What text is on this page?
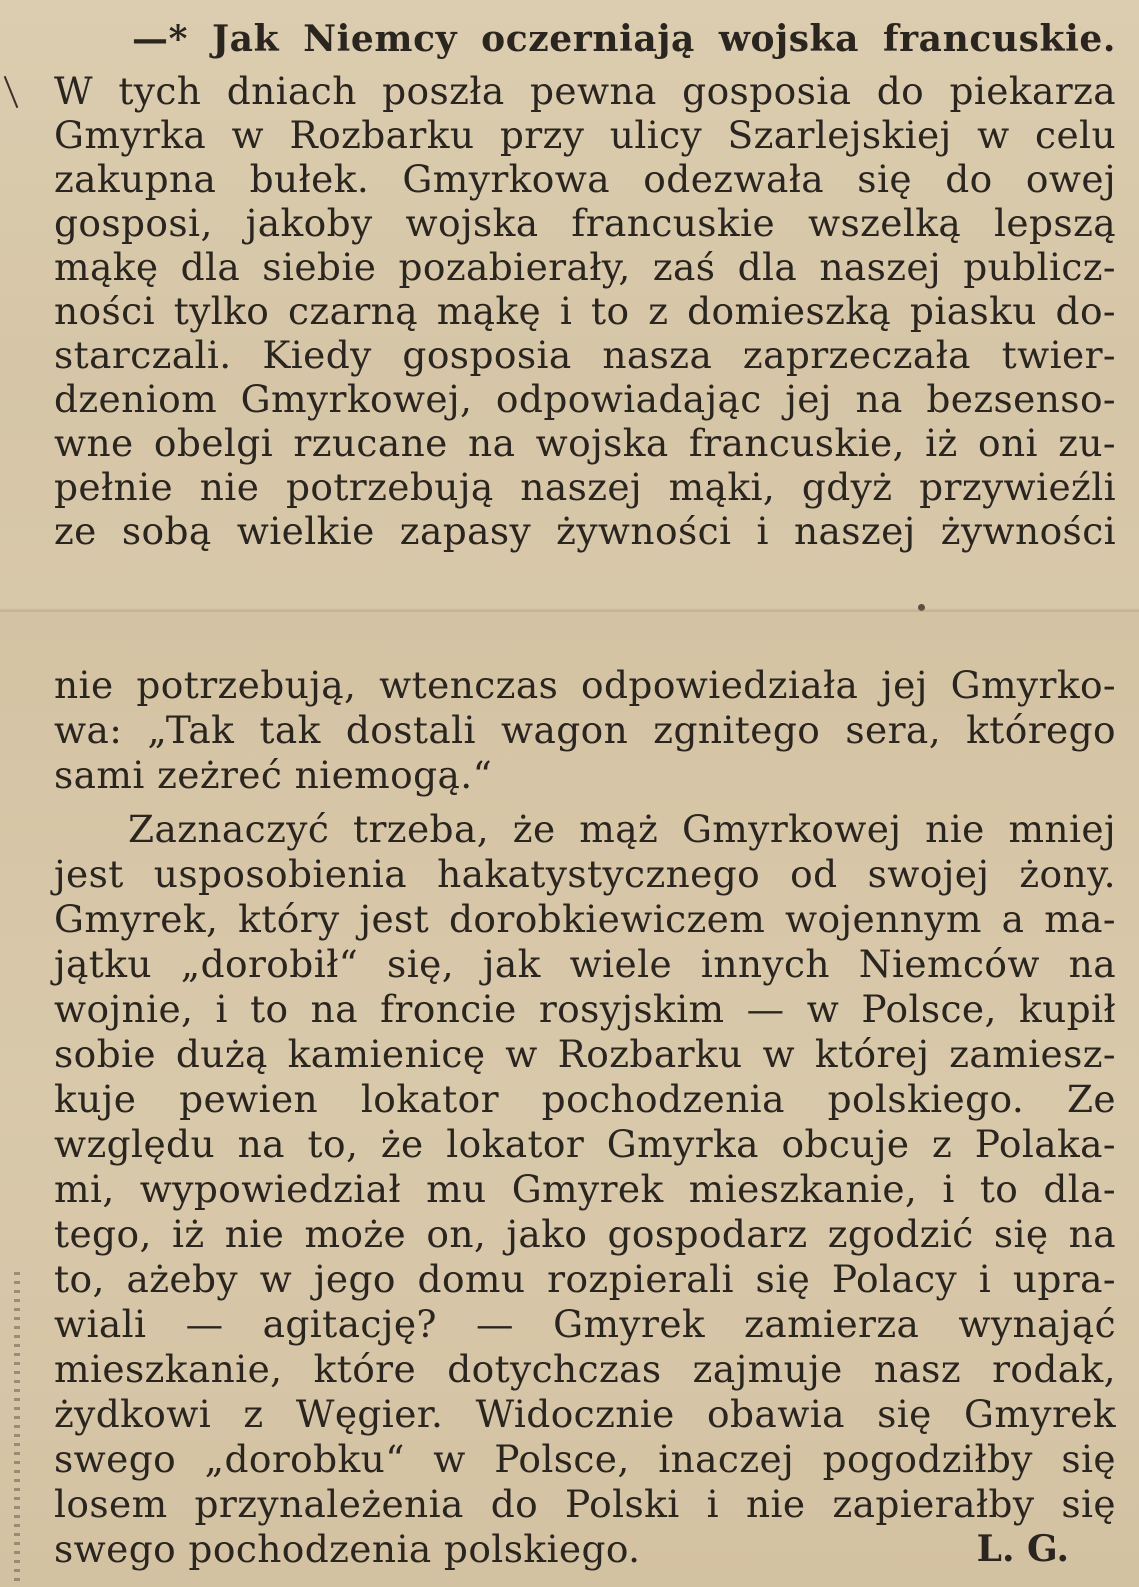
—* Jak Niemcy oczerniają wojska francuskie.
W tych dniach poszła pewna gosposia do piekarza
Gmyrka w Rozbarku przy ulicy Szarlejskiej w celu
zakupna bułek. Gmyrkowa odezwała się do owej
gosposi, jakoby wojska francuskie wszelką lepszą
mąkę dla siebie pozabierały, zaś dla naszej publicz-
ności tylko czarną mąkę i to z domieszką piasku do-
starczali. Kiedy gosposia nasza zaprzeczała twier-
dzeniom Gmyrkowej, odpowiadając jej na bezsenso-
wne obelgi rzucane na wojska francuskie, iż oni zu-
pełnie nie potrzebują naszej mąki, gdyż przywieźli
ze sobą wielkie zapasy żywności i naszej żywności
nie potrzebują, wtenczas odpowiedziała jej Gmyrko-
wa: „Tak tak dostali wagon zgnitego sera, którego
sami zeżreć niemogą.“
Zaznaczyć trzeba, że mąż Gmyrkowej nie mniej
jest usposobienia hakatystycznego od swojej żony.
Gmyrek, który jest dorobkiewiczem wojennym a ma-
jątku „dorobił“ się, jak wiele innych Niemców na
wojnie, i to na froncie rosyjskim — w Polsce, kupił
sobie dużą kamienicę w Rozbarku w której zamiesz-
kuje pewien lokator pochodzenia polskiego. Ze
względu na to, że lokator Gmyrka obcuje z Polaka-
mi, wypowiedział mu Gmyrek mieszkanie, i to dla-
tego, iż nie może on, jako gospodarz zgodzić się na
to, ażeby w jego domu rozpierali się Polacy i upra-
wiali — agitację? — Gmyrek zamierza wynająć
mieszkanie, które dotychczas zajmuje nasz rodak,
żydkowi z Węgier. Widocznie obawia się Gmyrek
swego „dorobku“ w Polsce, inaczej pogodziłby się
losem przynależenia do Polski i nie zapierałby się
swego pochodzenia polskiego.	L. G.
